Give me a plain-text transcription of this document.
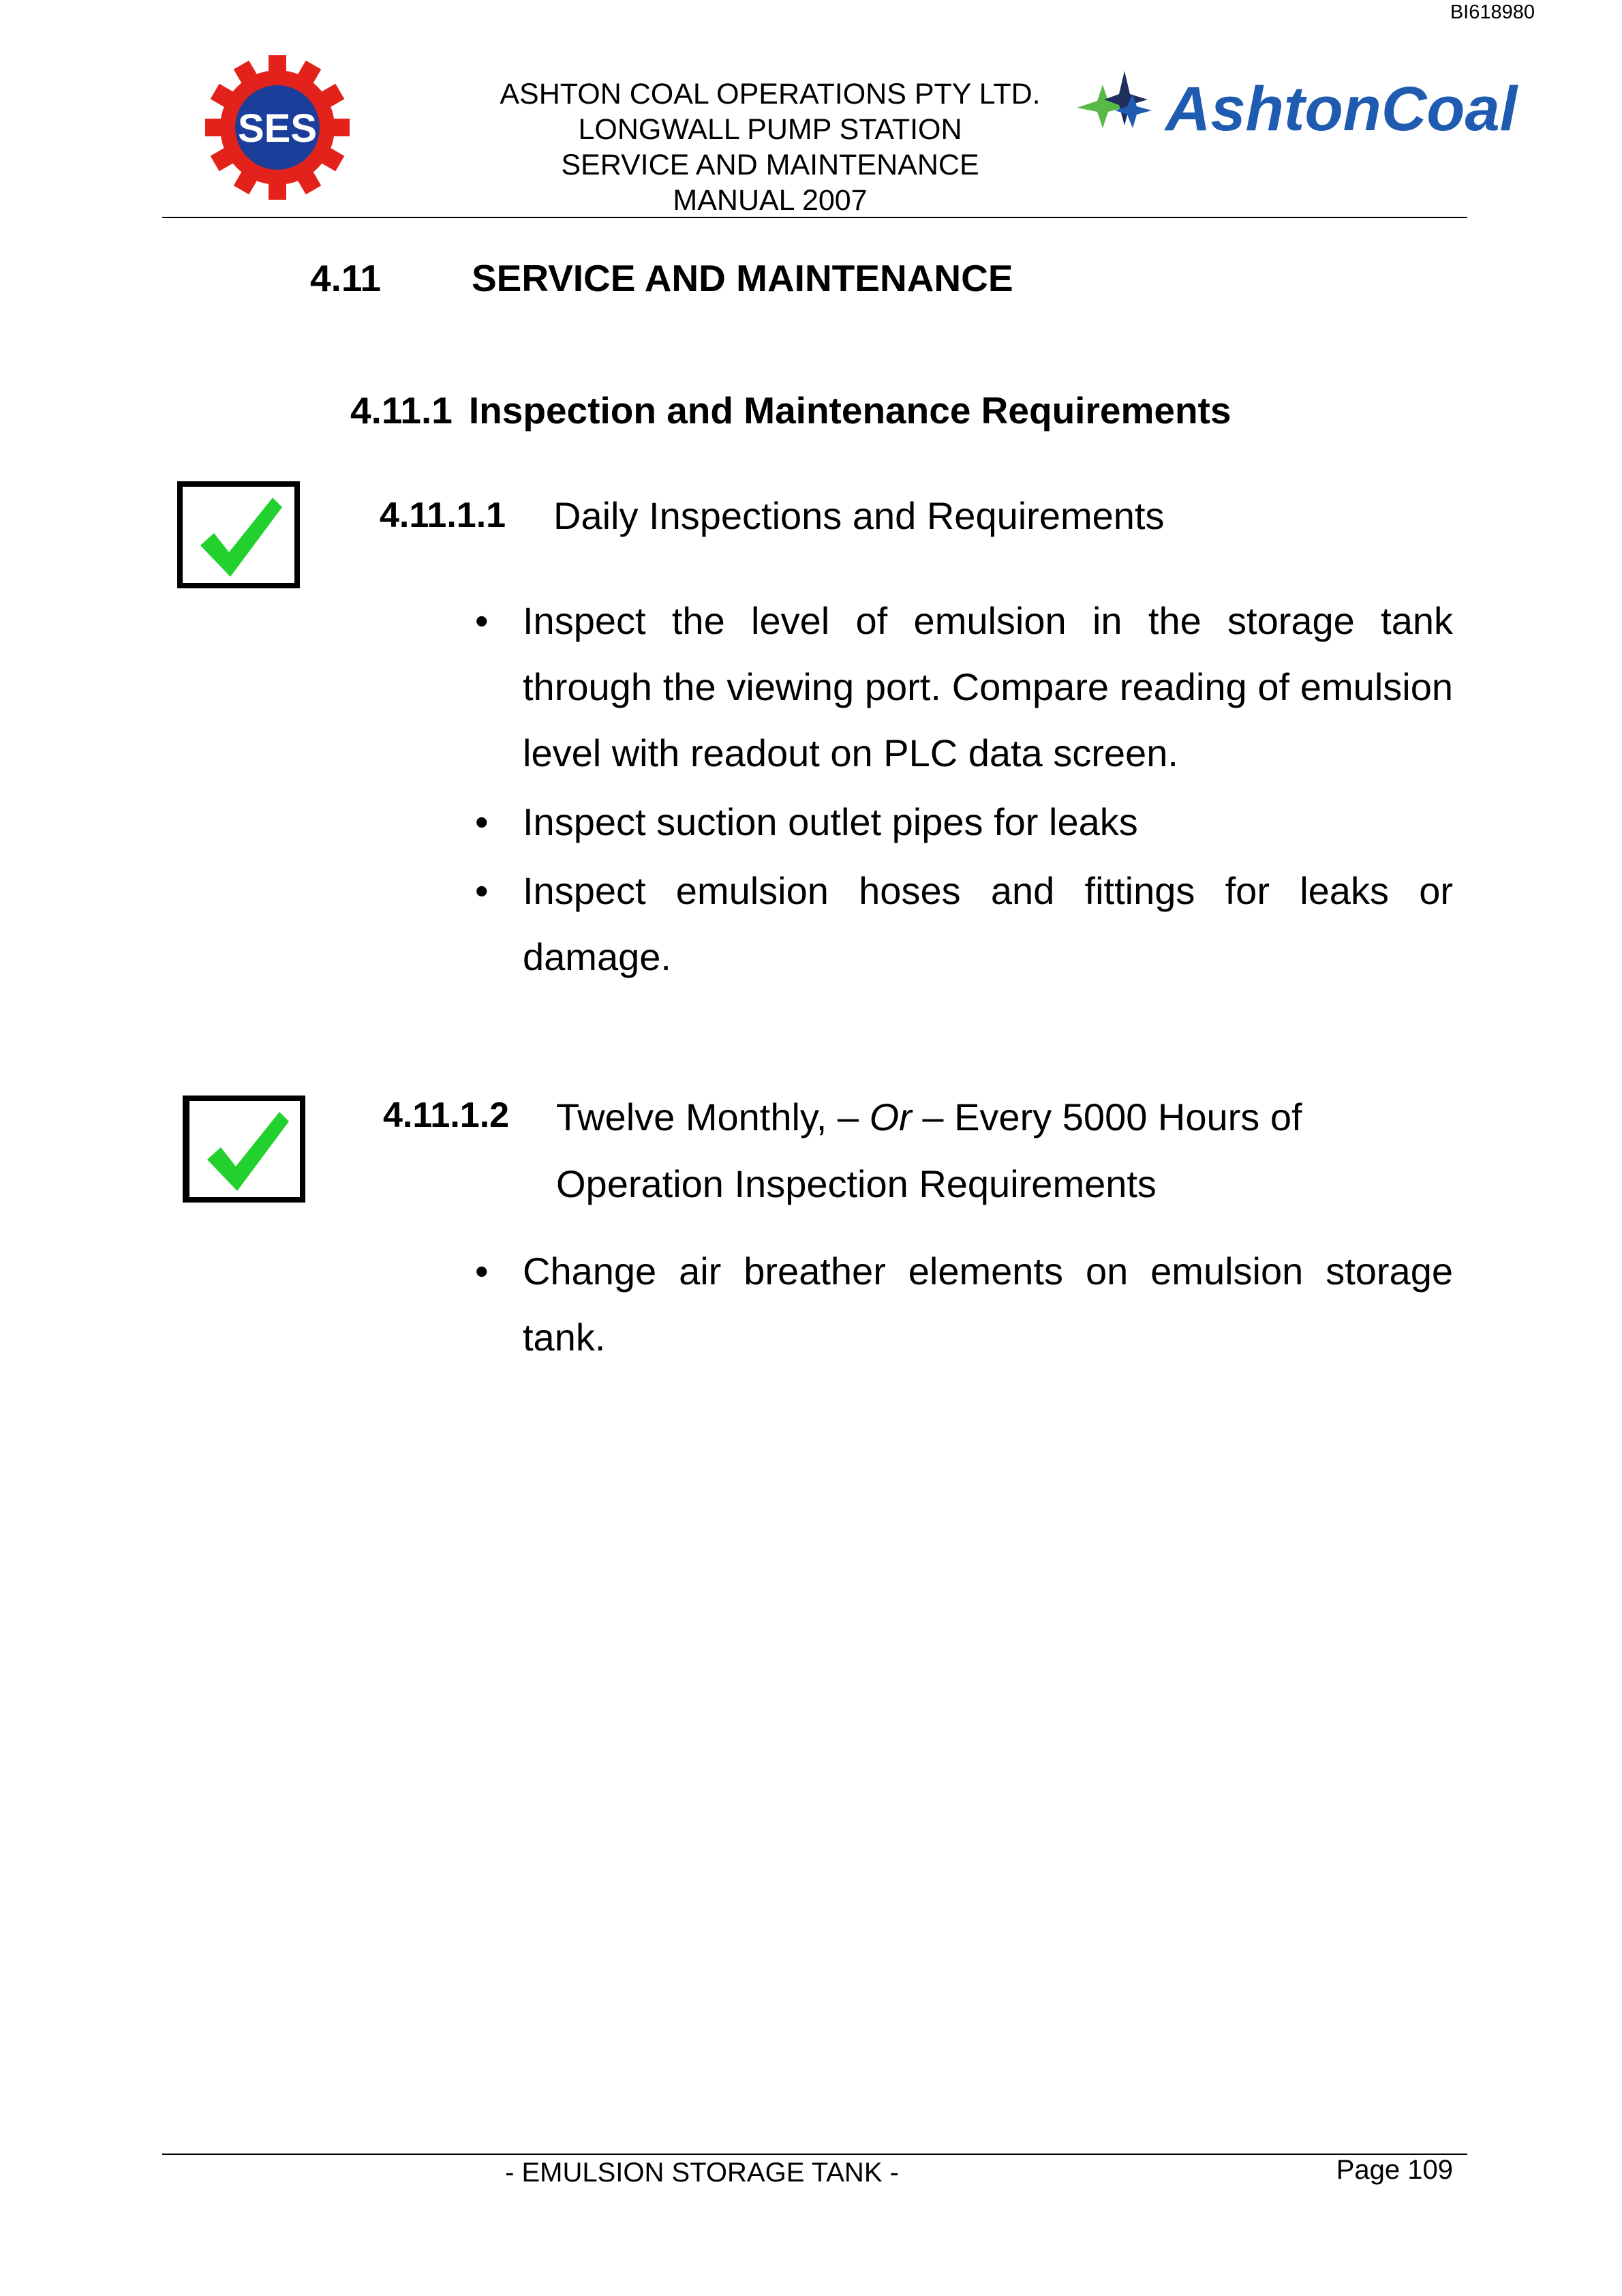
BI618980
SES
ASHTON COAL OPERATIONS PTY LTD.
LONGWALL PUMP STATION
SERVICE AND MAINTENANCE
MANUAL 2007
AshtonCoal
4.11 SERVICE AND MAINTENANCE
4.11.1 Inspection and Maintenance Requirements
4.11.1.1 Daily Inspections and Requirements
• Inspect the level of emulsion in the storage tank through the viewing port. Compare reading of emulsion level with readout on PLC data screen.
• Inspect suction outlet pipes for leaks
• Inspect emulsion hoses and fittings for leaks or damage.
4.11.1.2 Twelve Monthly, – Or – Every 5000 Hours of
Operation Inspection Requirements
• Change air breather elements on emulsion storage tank.
- EMULSION STORAGE TANK -	Page 109
